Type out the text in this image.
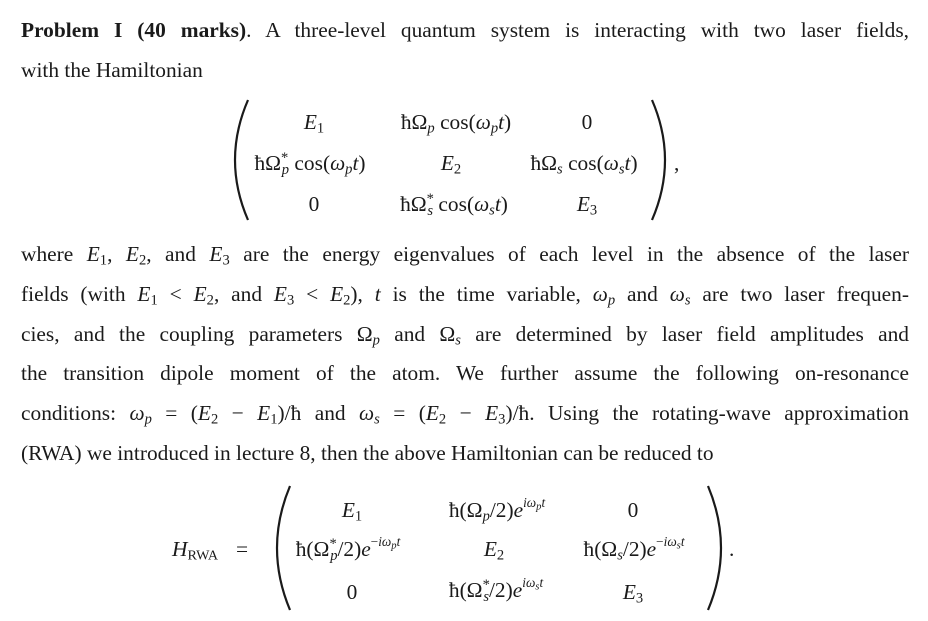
Problem I (40 marks). A three-level quantum system is interacting with two laser fields,
with the Hamiltonian
$E_1$	$ħ\Omega_p$ $\cos(\omega_pt)$	0
$ħ\Omega^*_p$ $\cos(\omega_pt)$	$E_2$	$ħ\Omega_s$ $\cos(\omega_st)$
0	$ħ\Omega^*_s$ $\cos(\omega_st)$	$E_3$
,
where $E_1$, $E_2$, and $E_3$ are the energy eigenvalues of each level in the absence of the laser
fields (with $E_1 < E_2$, and $E_3 < E_2$), t is the time variable, $\omega_p$ and $\omega_s$ are two laser frequen-
cies, and the coupling parameters $\Omega_p$ and $\Omega_s$ are determined by laser field amplitudes and
the transition dipole moment of the atom. We further assume the following on-resonance
conditions: $\omega_p = (E_2$ − $E_1)/ħ$ and $\omega_s = (E_2$ − $E_3)/ħ$. Using the rotating-wave approximation
(RWA) we introduced in lecture 8, then the above Hamiltonian can be reduced to
$H_{RWA}$ =
$E_1$	$ħ(\Omega_p/2)e^{i\omega_pt}$	0
$ħ(\Omega^*_p/2)e^{-i\omega_pt}$	$E_2$	$ħ(\Omega_s/2)e^{-i\omega_st}$
0	$ħ(\Omega^*_s/2)e^{i\omega_st}$	$E_3$
.
